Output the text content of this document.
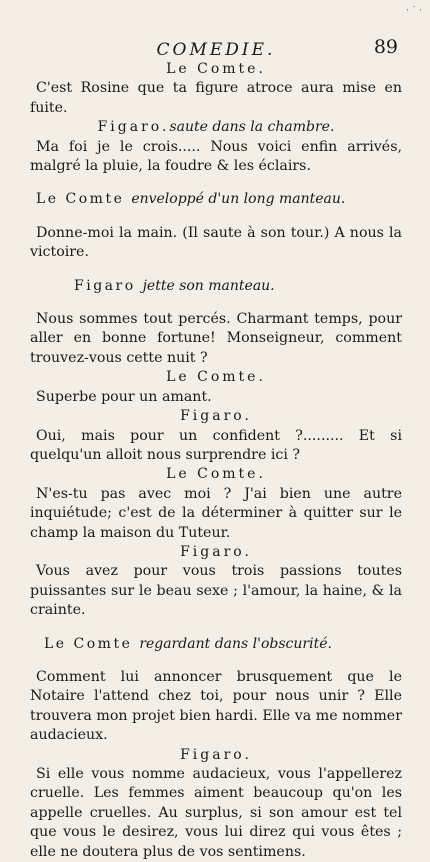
· ˙ ·
COMEDIE.	89

Le Comte.

C'est Rosine que ta figure atroce aura mise en fuite.

Figaro.saute dans la chambre.

Ma foi je le crois..... Nous voici enfin arrivés, malgré la pluie, la foudre & les éclairs.

Le Comte enveloppé d'un long manteau.

Donne-moi la main. (Il saute à son tour.) A nous la victoire.

Figaro jette son manteau.

Nous sommes tout percés. Charmant temps, pour aller en bonne fortune! Monseigneur, comment trouvez-vous cette nuit ?

Le Comte.

Superbe pour un amant.

Figaro.

Oui, mais pour un confident ?......... Et si quelqu'un alloit nous surprendre ici ?

Le Comte.

N'es-tu pas avec moi ? J'ai bien une autre inquiétude; c'est de la déterminer à quitter sur le champ la maison du Tuteur.

Figaro.

Vous avez pour vous trois passions toutes puissantes sur le beau sexe ; l'amour, la haine, & la crainte.

Le Comte regardant dans l'obscurité.

Comment lui annoncer brusquement que le Notaire l'attend chez toi, pour nous unir ? Elle trouvera mon projet bien hardi. Elle va me nommer audacieux.

Figaro.

Si elle vous nomme audacieux, vous l'appellerez cruelle. Les femmes aiment beaucoup qu'on les appelle cruelles. Au surplus, si son amour est tel que vous le desirez, vous lui direz qui vous êtes ; elle ne doutera plus de vos sentimens.
